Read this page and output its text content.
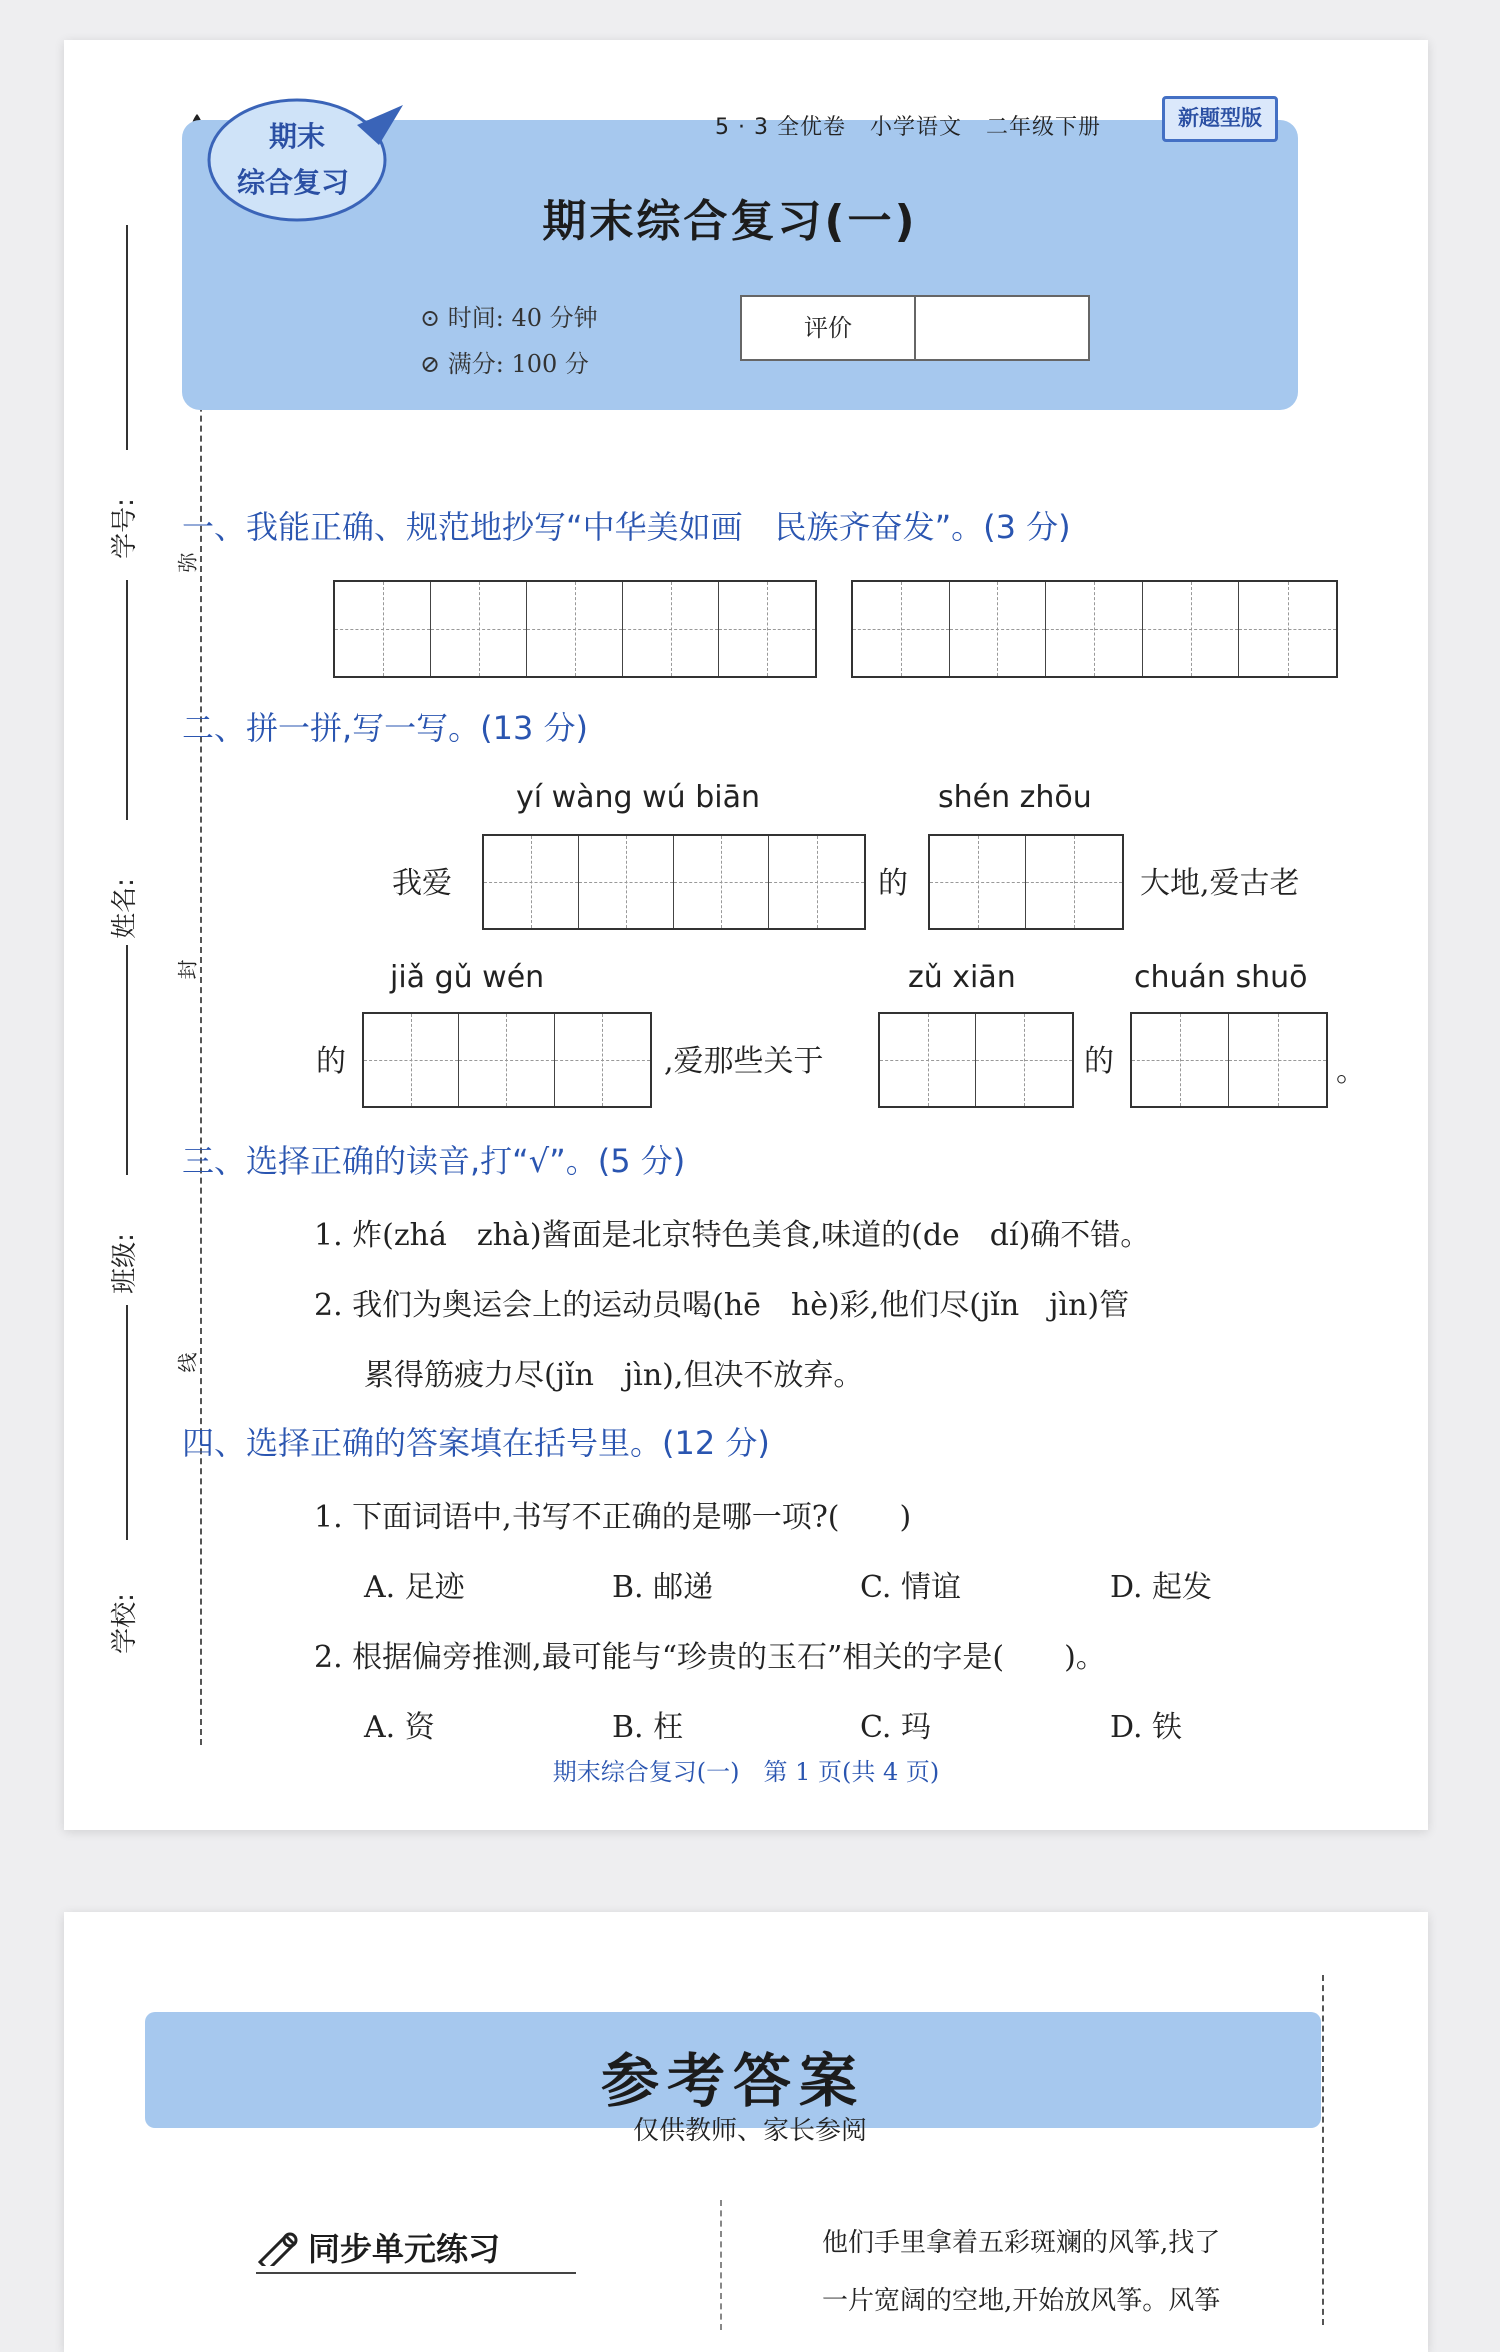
弥
封
线
学号:
姓名:
班级:
学校:
期末
综合复习
5 · 3 全优卷 小学语文 二年级下册	新题型版
期末综合复习(一)
⊙ 时间: 40 分钟
⊘ 满分: 100 分
评价
一、我能正确、规范地抄写“中华美如画　民族齐奋发”。(3 分)
二、拼一拼,写一写。(13 分)
yí wàng wú biān	shén zhōu
我爱	的	大地,爱古老
jiǎ gǔ wén	zǔ xiān	chuán shuō
的	,爱那些关于	的	。
三、选择正确的读音,打“√”。(5 分)
1. 炸(zhá　zhà)酱面是北京特色美食,味道的(de　dí)确不错。
2. 我们为奥运会上的运动员喝(hē　hè)彩,他们尽(jǐn　jìn)管
累得筋疲力尽(jǐn　jìn),但决不放弃。
四、选择正确的答案填在括号里。(12 分)
1. 下面词语中,书写不正确的是哪一项?(　　)
A. 足迹	B. 邮递	C. 情谊	D. 起发
2. 根据偏旁推测,最可能与“珍贵的玉石”相关的字是(　　)。
A. 资	B. 枉	C. 玛	D. 铁
期末综合复习(一)　第 1 页(共 4 页)
参考答案
仅供教师、家长参阅
同步单元练习	他们手里拿着五彩斑斓的风筝,找了
一片宽阔的空地,开始放风筝。风筝
